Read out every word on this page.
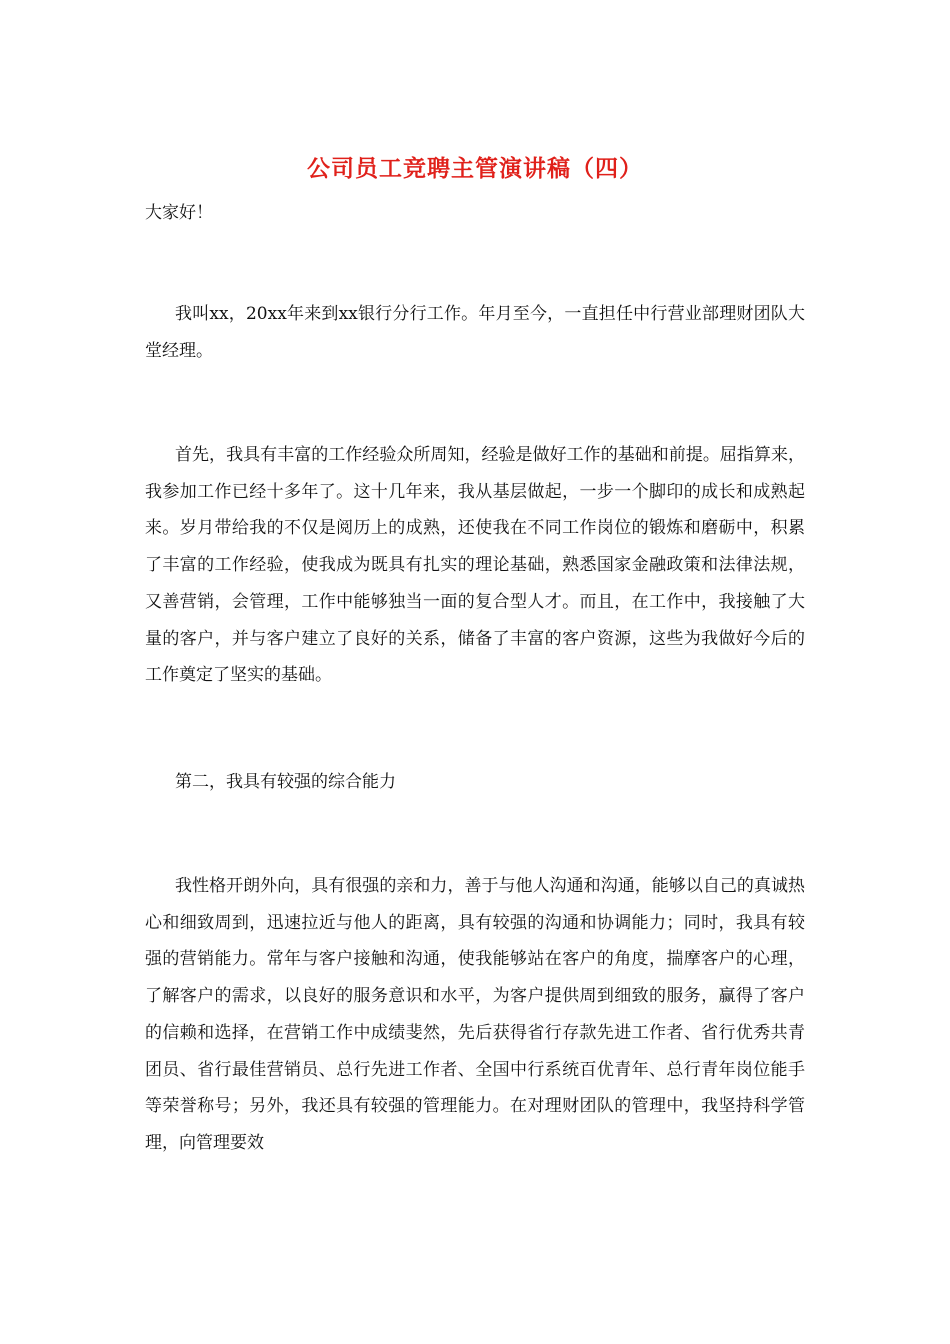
公司员工竞聘主管演讲稿（四）

大家好！

我叫xx，20xx年来到xx银行分行工作。年月至今，一直担任中行营业部理财团队大堂经理。

首先，我具有丰富的工作经验众所周知，经验是做好工作的基础和前提。屈指算来，我参加工作已经十多年了。这十几年来，我从基层做起，一步一个脚印的成长和成熟起来。岁月带给我的不仅是阅历上的成熟，还使我在不同工作岗位的锻炼和磨砺中，积累了丰富的工作经验，使我成为既具有扎实的理论基础，熟悉国家金融政策和法律法规，又善营销，会管理，工作中能够独当一面的复合型人才。而且，在工作中，我接触了大量的客户，并与客户建立了良好的关系，储备了丰富的客户资源，这些为我做好今后的工作奠定了坚实的基础。

第二，我具有较强的综合能力

我性格开朗外向，具有很强的亲和力，善于与他人沟通和沟通，能够以自己的真诚热心和细致周到，迅速拉近与他人的距离，具有较强的沟通和协调能力；同时，我具有较强的营销能力。常年与客户接触和沟通，使我能够站在客户的角度，揣摩客户的心理，了解客户的需求，以良好的服务意识和水平，为客户提供周到细致的服务，赢得了客户的信赖和选择，在营销工作中成绩斐然，先后获得省行存款先进工作者、省行优秀共青团员、省行最佳营销员、总行先进工作者、全国中行系统百优青年、总行青年岗位能手等荣誉称号；另外，我还具有较强的管理能力。在对理财团队的管理中，我坚持科学管理，向管理要效
